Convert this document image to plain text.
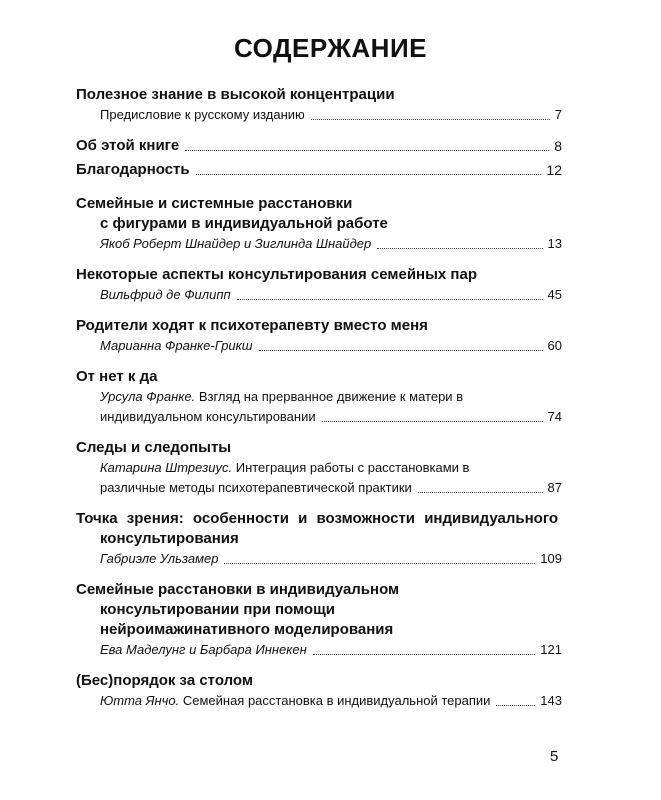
СОДЕРЖАНИЕ
Полезное знание в высокой концентрации
Предисловие к русскому изданию	7
Об этой книге	8
Благодарность	12
Семейные и системные расстановки
с фигурами в индивидуальной работе
Якоб Роберт Шнайдер и Зиглинда Шнайдер	13
Некоторые аспекты консультирования семейных пар
Вильфрид де Филипп	45
Родители ходят к психотерапевту вместо меня
Марианна Франке-Грикш	60
От нет к да
Урсула Франке. Взгляд на прерванное движение к матери в
индивидуальном консультировании	74
Следы и следопыты
Катарина Штрезиус. Интеграция работы с расстановками в
различные методы психотерапевтической практики	87
Точка зрения: особенности и возможности индивидуального
консультирования
Габриэле Ульзамер	109
Семейные расстановки в индивидуальном
консультировании при помощи
нейроимажинативного моделирования
Ева Маделунг и Барбара Иннекен	121
(Бес)порядок за столом
Ютта Янчо. Семейная расстановка в индивидуальной терапии	143
5
